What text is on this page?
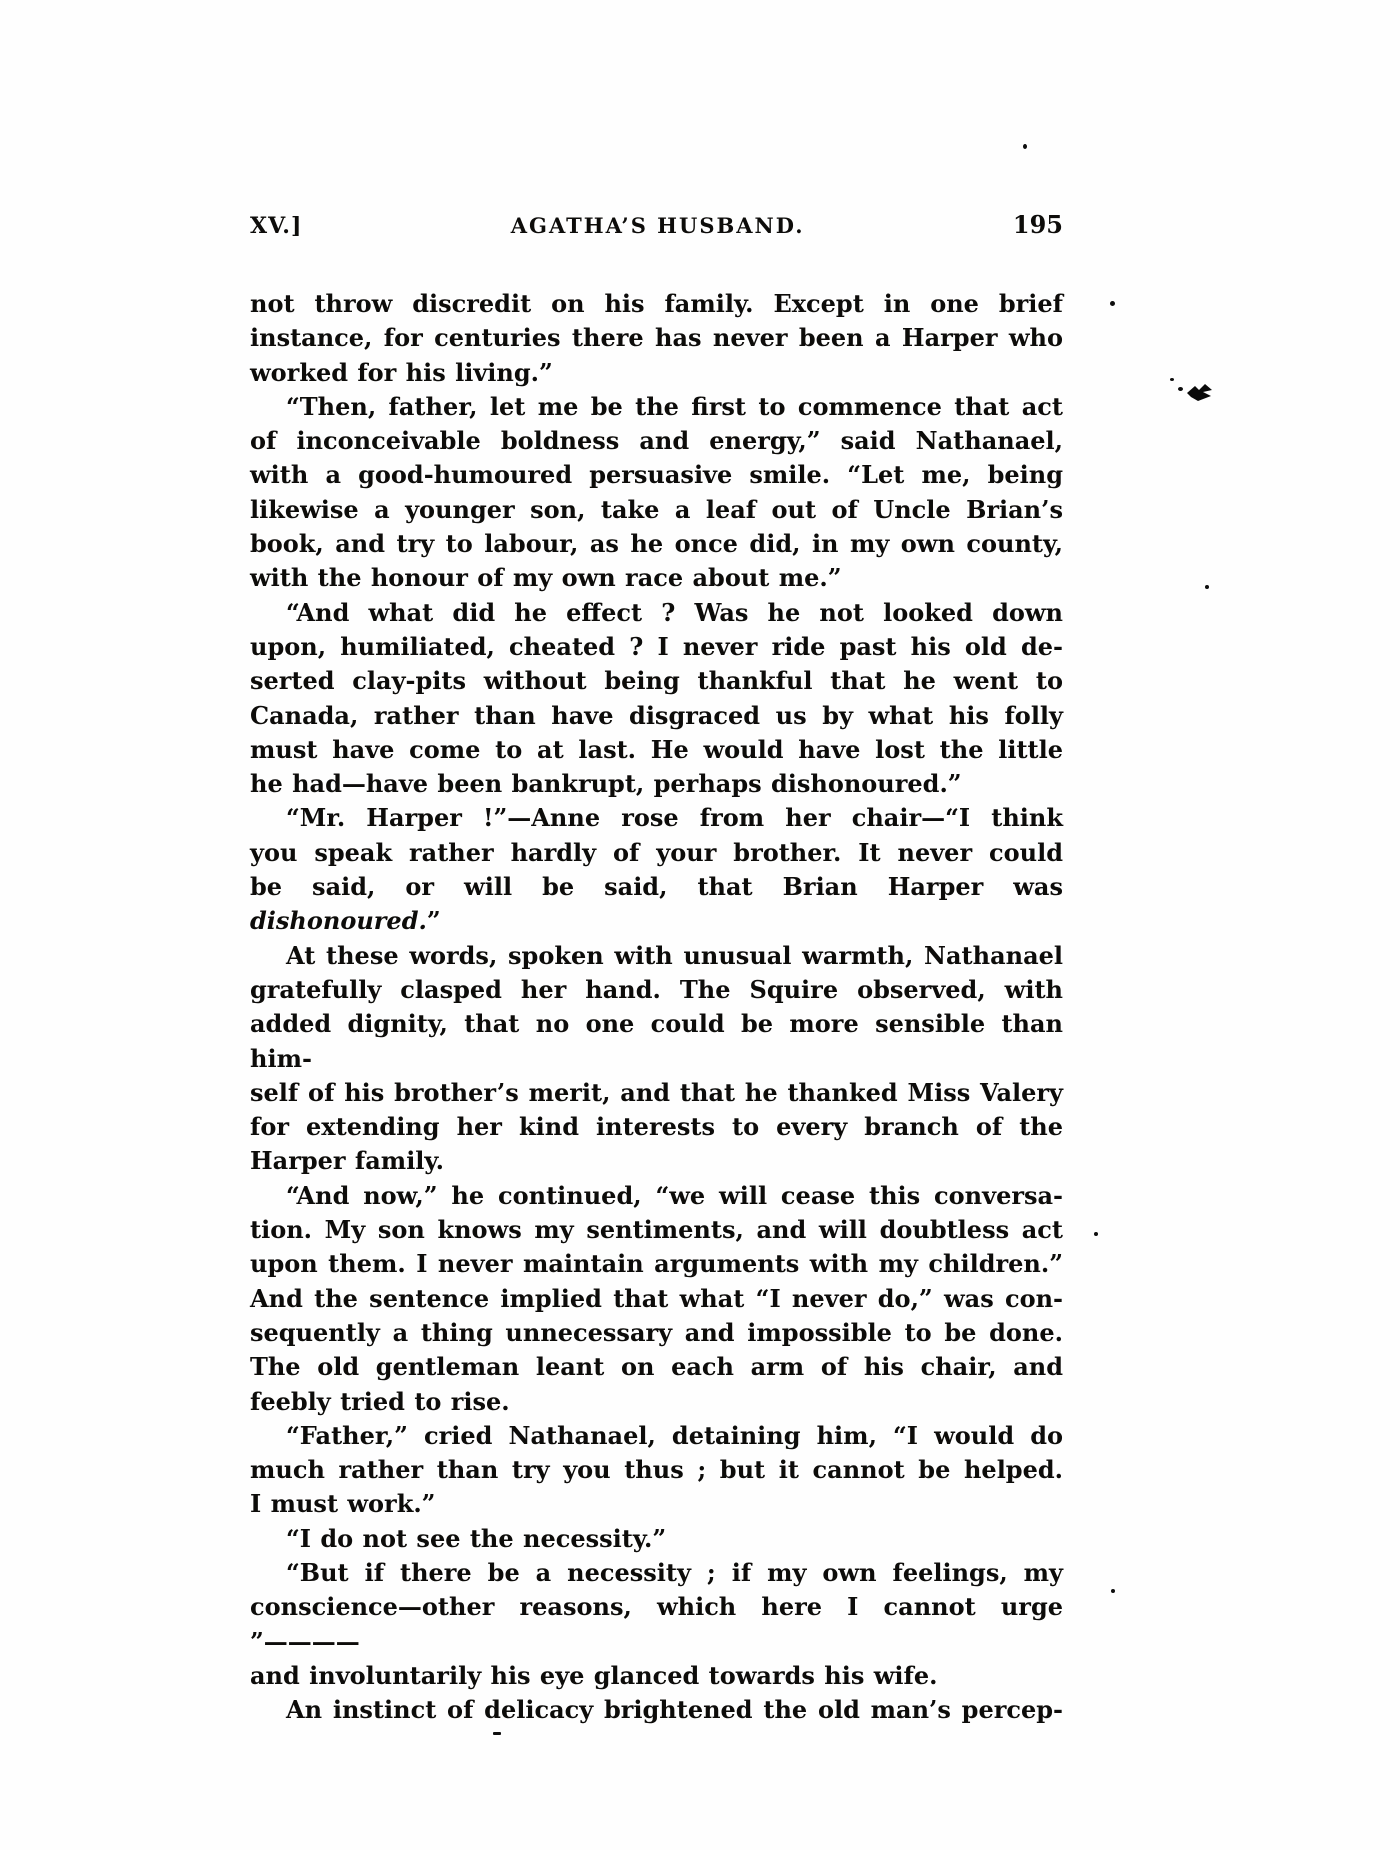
XV.]	AGATHA’S HUSBAND.	195
not throw discredit on his family. Except in one brief
instance, for centuries there has never been a Harper who
worked for his living.”
“Then, father, let me be the first to commence that act
of inconceivable boldness and energy,” said Nathanael,
with a good-humoured persuasive smile. “Let me, being
likewise a younger son, take a leaf out of Uncle Brian’s
book, and try to labour, as he once did, in my own county,
with the honour of my own race about me.”
“And what did he effect ? Was he not looked down
upon, humiliated, cheated ? I never ride past his old de-
serted clay-pits without being thankful that he went to
Canada, rather than have disgraced us by what his folly
must have come to at last. He would have lost the little
he had—have been bankrupt, perhaps dishonoured.”
“Mr. Harper !”—Anne rose from her chair—“I think
you speak rather hardly of your brother. It never could
be said, or will be said, that Brian Harper was dishonoured.”
At these words, spoken with unusual warmth, Nathanael
gratefully clasped her hand. The Squire observed, with
added dignity, that no one could be more sensible than him-
self of his brother’s merit, and that he thanked Miss Valery
for extending her kind interests to every branch of the
Harper family.
“And now,” he continued, “we will cease this conversa-
tion. My son knows my sentiments, and will doubtless act
upon them. I never maintain arguments with my children.”
And the sentence implied that what “I never do,” was con-
sequently a thing unnecessary and impossible to be done.
The old gentleman leant on each arm of his chair, and
feebly tried to rise.
“Father,” cried Nathanael, detaining him, “I would do
much rather than try you thus ; but it cannot be helped.
I must work.”
“I do not see the necessity.”
“But if there be a necessity ; if my own feelings, my
conscience—other reasons, which here I cannot urge ”————
and involuntarily his eye glanced towards his wife.
An instinct of delicacy brightened the old man’s percep-
